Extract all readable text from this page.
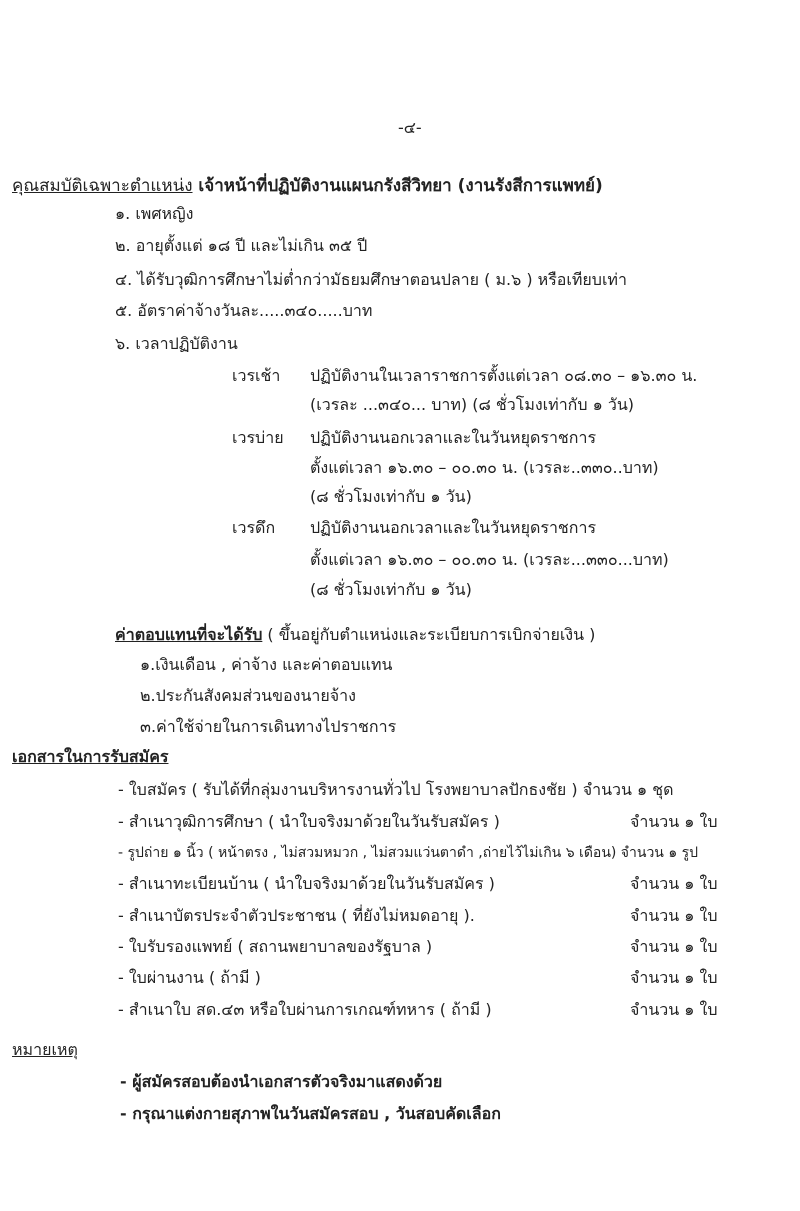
-๔-
คุณสมบัติเฉพาะตำแหน่ง เจ้าหน้าที่ปฏิบัติงานแผนกรังสีวิทยา (งานรังสีการแพทย์)
๑. เพศหญิง
๒. อายุตั้งแต่ ๑๘ ปี และไม่เกิน ๓๕ ปี
๔. ได้รับวุฒิการศึกษาไม่ต่ำกว่ามัธยมศึกษาตอนปลาย ( ม.๖ ) หรือเทียบเท่า
๕. อัตราค่าจ้างวันละ.....๓๔๐.....บาท
๖. เวลาปฏิบัติงาน
เวรเช้า ปฏิบัติงานในเวลาราชการตั้งแต่เวลา ๐๘.๓๐ – ๑๖.๓๐ น.
(เวรละ ...๓๔๐... บาท) (๘ ชั่วโมงเท่ากับ ๑ วัน)
เวรบ่าย ปฏิบัติงานนอกเวลาและในวันหยุดราชการ
ตั้งแต่เวลา ๑๖.๓๐ – ๐๐.๓๐ น. (เวรละ..๓๓๐..บาท)
(๘ ชั่วโมงเท่ากับ ๑ วัน)
เวรดึก ปฏิบัติงานนอกเวลาและในวันหยุดราชการ
ตั้งแต่เวลา ๑๖.๓๐ – ๐๐.๓๐ น. (เวรละ...๓๓๐...บาท)
(๘ ชั่วโมงเท่ากับ ๑ วัน)
ค่าตอบแทนที่จะได้รับ ( ขึ้นอยู่กับตำแหน่งและระเบียบการเบิกจ่ายเงิน )
๑.เงินเดือน , ค่าจ้าง และค่าตอบแทน
๒.ประกันสังคมส่วนของนายจ้าง
๓.ค่าใช้จ่ายในการเดินทางไปราชการ
เอกสารในการรับสมัคร
- ใบสมัคร ( รับได้ที่กลุ่มงานบริหารงานทั่วไป โรงพยาบาลปักธงชัย ) จำนวน ๑ ชุด
- สำเนาวุฒิการศึกษา ( นำใบจริงมาด้วยในวันรับสมัคร )	จำนวน ๑ ใบ
- รูปถ่าย ๑ นิ้ว ( หน้าตรง , ไม่สวมหมวก , ไม่สวมแว่นตาดำ ,ถ่ายไว้ไม่เกิน ๖ เดือน) จำนวน ๑ รูป
- สำเนาทะเบียนบ้าน ( นำใบจริงมาด้วยในวันรับสมัคร )	จำนวน ๑ ใบ
- สำเนาบัตรประจำตัวประชาชน ( ที่ยังไม่หมดอายุ ).	จำนวน ๑ ใบ
- ใบรับรองแพทย์ ( สถานพยาบาลของรัฐบาล )	จำนวน ๑ ใบ
- ใบผ่านงาน ( ถ้ามี )	จำนวน ๑ ใบ
- สำเนาใบ สด.๔๓ หรือใบผ่านการเกณฑ์ทหาร ( ถ้ามี )	จำนวน ๑ ใบ
หมายเหตุ
- ผู้สมัครสอบต้องนำเอกสารตัวจริงมาแสดงด้วย
- กรุณาแต่งกายสุภาพในวันสมัครสอบ , วันสอบคัดเลือก
